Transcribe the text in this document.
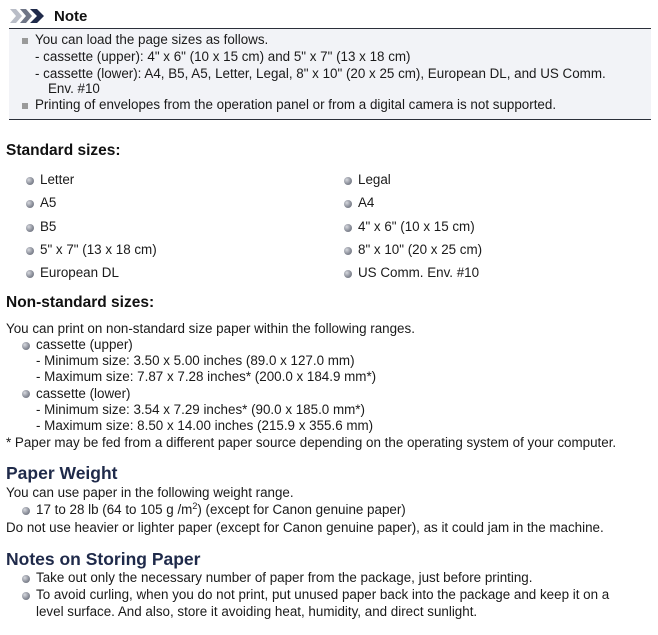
Note
You can load the page sizes as follows.
- cassette (upper): 4" x 6" (10 x 15 cm) and 5" x 7" (13 x 18 cm)
- cassette (lower): A4, B5, A5, Letter, Legal, 8" x 10" (20 x 25 cm), European DL, and US Comm.
Env. #10
Printing of envelopes from the operation panel or from a digital camera is not supported.
Standard sizes:
Letter
A5
B5
5" x 7" (13 x 18 cm)
European DL
Legal
A4
4" x 6" (10 x 15 cm)
8" x 10" (20 x 25 cm)
US Comm. Env. #10
Non-standard sizes:
You can print on non-standard size paper within the following ranges.
cassette (upper)
- Minimum size: 3.50 x 5.00 inches (89.0 x 127.0 mm)
- Maximum size: 7.87 x 7.28 inches* (200.0 x 184.9 mm*)
cassette (lower)
- Minimum size: 3.54 x 7.29 inches* (90.0 x 185.0 mm*)
- Maximum size: 8.50 x 14.00 inches (215.9 x 355.6 mm)
* Paper may be fed from a different paper source depending on the operating system of your computer.
Paper Weight
You can use paper in the following weight range.
17 to 28 lb (64 to 105 g $/m^2$) (except for Canon genuine paper)
Do not use heavier or lighter paper (except for Canon genuine paper), as it could jam in the machine.
Notes on Storing Paper
Take out only the necessary number of paper from the package, just before printing.
To avoid curling, when you do not print, put unused paper back into the package and keep it on a
level surface. And also, store it avoiding heat, humidity, and direct sunlight.
